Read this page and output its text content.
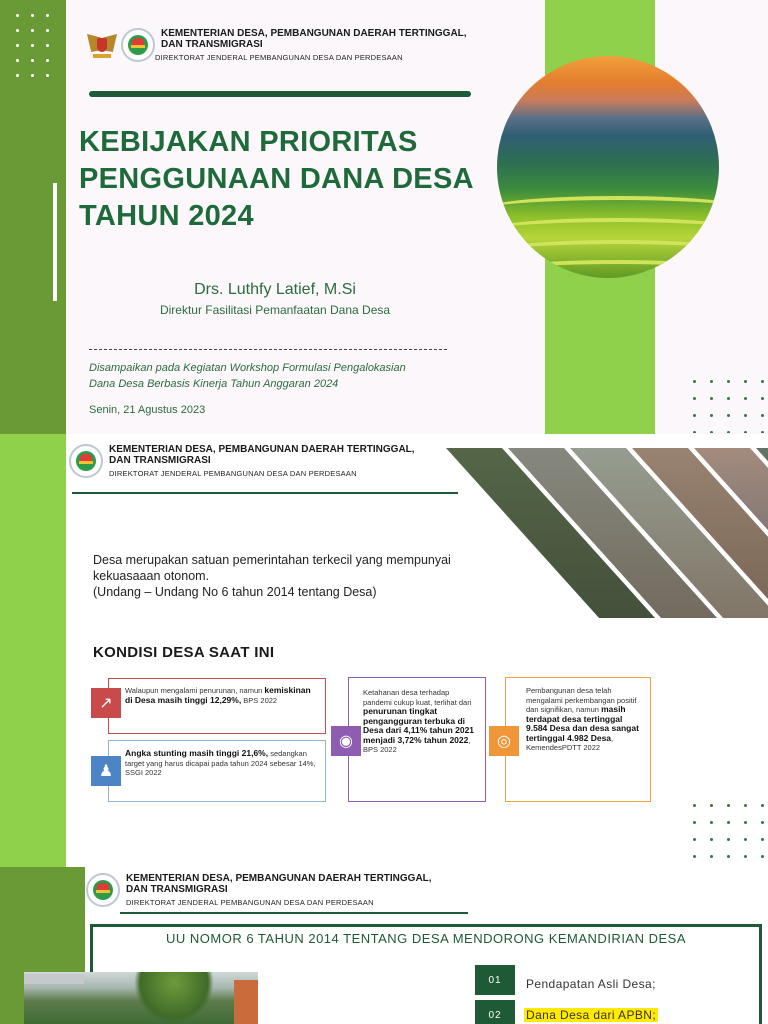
KEMENTERIAN DESA, PEMBANGUNAN DAERAH TERTINGGAL,
DAN TRANSMIGRASI
DIREKTORAT JENDERAL PEMBANGUNAN DESA DAN PERDESAAN
KEBIJAKAN PRIORITAS
PENGGUNAAN DANA DESA
TAHUN 2024
Drs. Luthfy Latief, M.Si
Direktur Fasilitasi Pemanfaatan Dana Desa
Disampaikan pada Kegiatan Workshop Formulasi Pengalokasian
Dana Desa Berbasis Kinerja Tahun Anggaran 2024
Senin, 21 Agustus 2023
KEMENTERIAN DESA, PEMBANGUNAN DAERAH TERTINGGAL,
DAN TRANSMIGRASI
DIREKTORAT JENDERAL PEMBANGUNAN DESA DAN PERDESAAN
Desa merupakan satuan pemerintahan terkecil yang mempunyai
kekuasaaan otonom.
(Undang – Undang No 6 tahun 2014 tentang Desa)
KONDISI DESA SAAT INI
Walaupun mengalami penurunan, namun kemiskinan di Desa masih tinggi 12,29%, BPS 2022
↗
Angka stunting masih tinggi 21,6%, sedangkan target yang harus dicapai pada tahun 2024 sebesar 14%, SSGI 2022
♟
Ketahanan desa terhadap pandemi cukup kuat, terlihat dari penurunan tingkat pengangguran terbuka di Desa dari 4,11% tahun 2021 menjadi 3,72% tahun 2022, BPS 2022
◉
Pembangunan desa telah mengalami perkembangan positif dan signifikan, namun masih terdapat desa tertinggal 9.584 Desa dan desa sangat tertinggal 4.982 Desa, KemendesPDTT 2022
◎
KEMENTERIAN DESA, PEMBANGUNAN DAERAH TERTINGGAL,
DAN TRANSMIGRASI
DIREKTORAT JENDERAL PEMBANGUNAN DESA DAN PERDESAAN
UU NOMOR 6 TAHUN 2014 TENTANG DESA MENDORONG KEMANDIRIAN DESA
01	Pendapatan Asli Desa;
02	Dana Desa dari APBN;
